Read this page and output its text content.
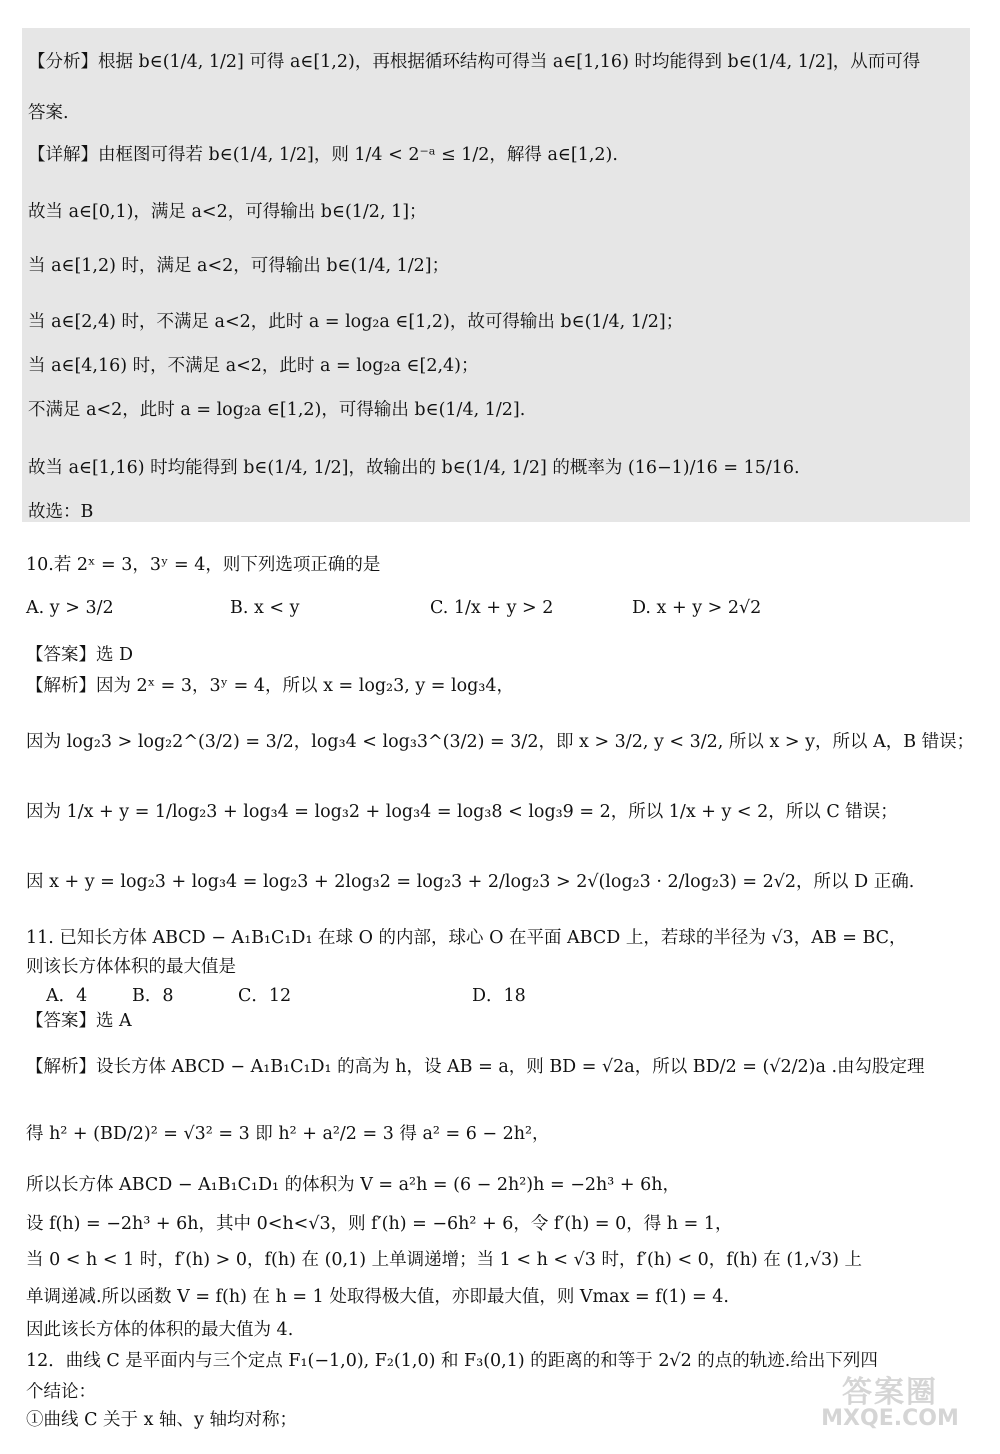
【分析】根据 b∈(1/4, 1/2] 可得 a∈[1,2)，再根据循环结构可得当 a∈[1,16) 时均能得到 b∈(1/4, 1/2]，从而可得
答案.
【详解】由框图可得若 b∈(1/4, 1/2]，则 1/4 < 2⁻ᵃ ≤ 1/2，解得 a∈[1,2).
故当 a∈[0,1)，满足 a<2，可得输出 b∈(1/2, 1]；
当 a∈[1,2) 时，满足 a<2，可得输出 b∈(1/4, 1/2]；
当 a∈[2,4) 时，不满足 a<2，此时 a = log₂a ∈[1,2)，故可得输出 b∈(1/4, 1/2]；
当 a∈[4,16) 时，不满足 a<2，此时 a = log₂a ∈[2,4)；
不满足 a<2，此时 a = log₂a ∈[1,2)，可得输出 b∈(1/4, 1/2].
故当 a∈[1,16) 时均能得到 b∈(1/4, 1/2]，故输出的 b∈(1/4, 1/2] 的概率为 (16−1)/16 = 15/16.
故选：B
10.若 2ˣ = 3，3ʸ = 4，则下列选项正确的是
A. y > 3/2	B. x < y	C. 1/x + y > 2	D. x + y > 2√2
【答案】选 D
【解析】因为 2ˣ = 3，3ʸ = 4，所以 x = log₂3, y = log₃4，
因为 log₂3 > log₂2^(3/2) = 3/2，log₃4 < log₃3^(3/2) = 3/2，即 x > 3/2, y < 3/2, 所以 x > y，所以 A，B 错误；
因为 1/x + y = 1/log₂3 + log₃4 = log₃2 + log₃4 = log₃8 < log₃9 = 2，所以 1/x + y < 2，所以 C 错误；
因 x + y = log₂3 + log₃4 = log₂3 + 2log₃2 = log₂3 + 2/log₂3 > 2√(log₂3 · 2/log₂3) = 2√2，所以 D 正确.
11. 已知长方体 ABCD − A₁B₁C₁D₁ 在球 O 的内部，球心 O 在平面 ABCD 上，若球的半径为 √3，AB = BC，
则该长方体体积的最大值是
A．4	B．8	C．12	D．18
【答案】选 A
【解析】设长方体 ABCD − A₁B₁C₁D₁ 的高为 h，设 AB = a，则 BD = √2a，所以 BD/2 = (√2/2)a .由勾股定理
得 h² + (BD/2)² = √3² = 3 即 h² + a²/2 = 3 得 a² = 6 − 2h²，
所以长方体 ABCD − A₁B₁C₁D₁ 的体积为 V = a²h = (6 − 2h²)h = −2h³ + 6h，
设 f(h) = −2h³ + 6h，其中 0<h<√3，则 f′(h) = −6h² + 6，令 f′(h) = 0，得 h = 1，
当 0 < h < 1 时，f′(h) > 0，f(h) 在 (0,1) 上单调递增；当 1 < h < √3 时，f′(h) < 0，f(h) 在 (1,√3) 上
单调递减.所以函数 V = f(h) 在 h = 1 处取得极大值，亦即最大值，则 Vmax = f(1) = 4.
因此该长方体的体积的最大值为 4.
12．曲线 C 是平面内与三个定点 F₁(−1,0), F₂(1,0) 和 F₃(0,1) 的距离的和等于 2√2 的点的轨迹.给出下列四
个结论：
①曲线 C 关于 x 轴、y 轴均对称；
答案圈
MXQE.COM
